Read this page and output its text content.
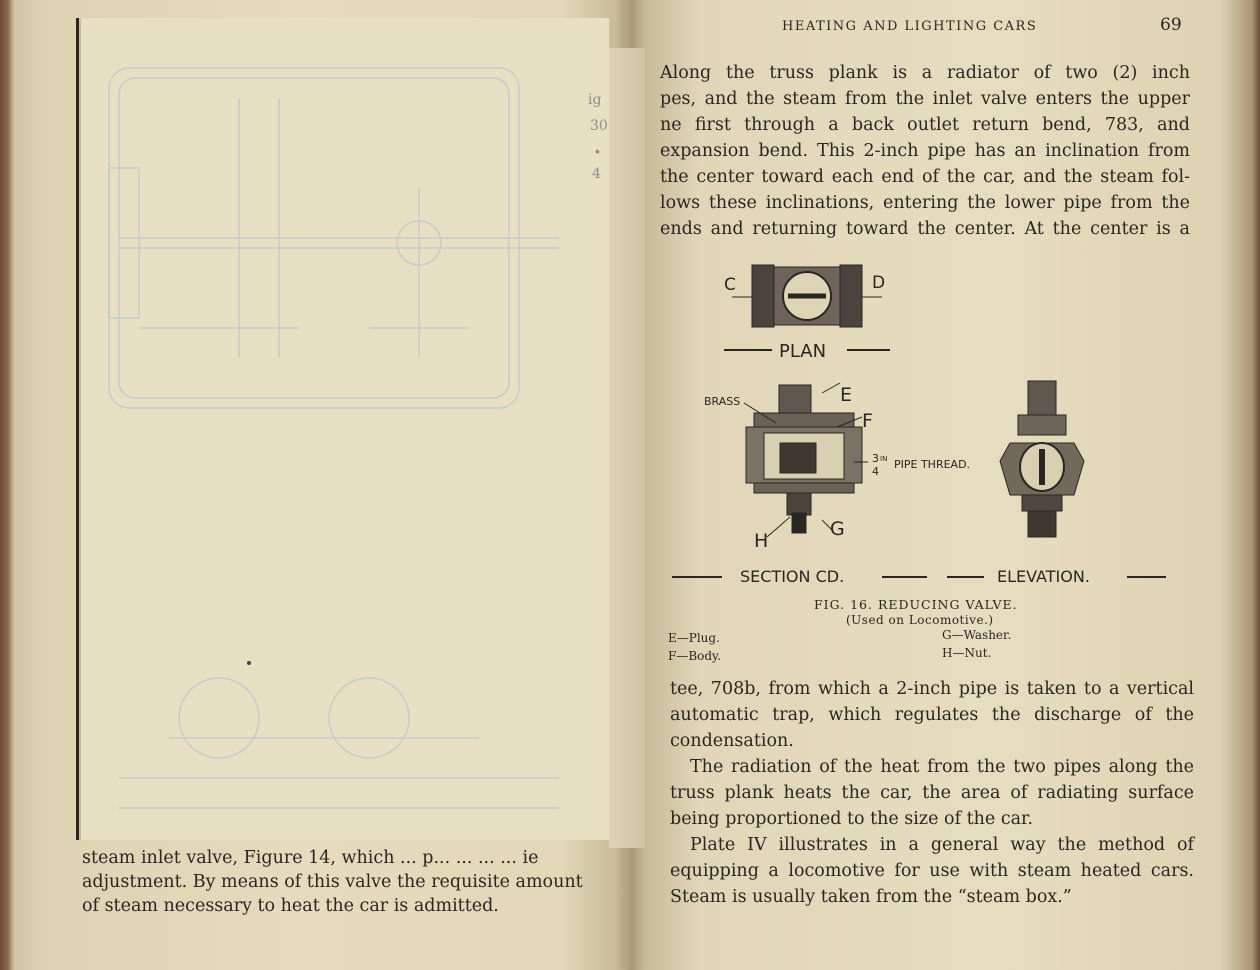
ig
30
∙
4
steam inlet valve, Figure 14, which ... p... ... ... ... ie
adjustment. By means of this valve the requisite amount
of steam necessary to heat the car is admitted.
HEATING AND LIGHTING CARS	69
Along the truss plank is a radiator of two (2) inch
pes, and the steam from the inlet valve enters the upper
ne first through a back outlet return bend, 783, and
expansion bend. This 2-inch pipe has an inclination from
the center toward each end of the car, and the steam fol-
lows these inclinations, entering the lower pipe from the
ends and returning toward the center. At the center is a
C	D
PLAN
BRASS	E
F
G
H
3 IN
4
PIPE THREAD.
SECTION CD.	ELEVATION.
FIG. 16. REDUCING VALVE.
(Used on Locomotive.)
E—Plug.
F—Body.
G—Washer.
H—Nut.
tee, 708b, from which a 2-inch pipe is taken to a vertical
automatic trap, which regulates the discharge of the
condensation.
The radiation of the heat from the two pipes along the
truss plank heats the car, the area of radiating surface
being proportioned to the size of the car.
Plate IV illustrates in a general way the method of
equipping a locomotive for use with steam heated cars.
Steam is usually taken from the “steam box.”
